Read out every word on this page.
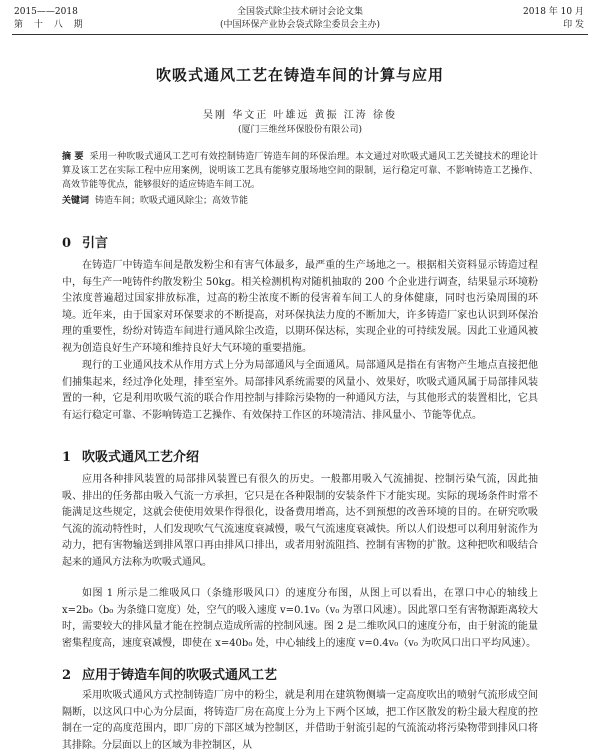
2015——2018
第 十 八 期
全国袋式除尘技术研讨会论文集
(中国环保产业协会袋式除尘委员会主办)
2018 年 10 月
印 发
吹吸式通风工艺在铸造车间的计算与应用
吴刚 华文正 叶雄远 黄振 江涛 徐俊
(厦门三维丝环保股份有限公司)
摘 要 采用一种吹吸式通风工艺可有效控制铸造厂铸造车间的环保治理。本文通过对吹吸式通风工艺关键技术的理论计算及该工艺在实际工程中应用案例，说明该工艺具有能够克服场地空间的限制，运行稳定可靠、不影响铸造工艺操作、高效节能等优点，能够很好的适应铸造车间工况。
关键词 铸造车间；吹吸式通风除尘；高效节能
0 引言

在铸造厂中铸造车间是散发粉尘和有害气体最多，最严重的生产场地之一。根据相关资料显示铸造过程中，每生产一吨铸件约散发粉尘 50kg。相关检测机构对随机抽取的 200 个企业进行调查，结果显示环境粉尘浓度普遍超过国家排放标准，过高的粉尘浓度不断的侵害着车间工人的身体健康，同时也污染周围的环境。近年来，由于国家对环保要求的不断提高，对环保执法力度的不断加大，许多铸造厂家也认识到环保治理的重要性，纷纷对铸造车间进行通风除尘改造，以期环保达标，实现企业的可持续发展。因此工业通风被视为创造良好生产环境和维持良好大气环境的重要措施。

现行的工业通风技术从作用方式上分为局部通风与全面通风。局部通风是指在有害物产生地点直接把他们捕集起来，经过净化处理，排至室外。局部排风系统需要的风量小、效果好，吹吸式通风属于局部排风装置的一种，它是利用吹吸气流的联合作用控制与排除污染物的一种通风方法，与其他形式的装置相比，它具有运行稳定可靠、不影响铸造工艺操作、有效保持工作区的环境清洁、排风量小、节能等优点。

1 吹吸式通风工艺介绍

应用各种排风装置的局部排风装置已有很久的历史。一般都用吸入气流捕捉、控制污染气流，因此抽吸、排出的任务都由吸入气流一方承担，它只是在各种限制的安装条件下才能实现。实际的现场条件时常不能满足这些规定，这就会使使用效果作得很化，设备费用增高，达不到预想的改善环境的目的。在研究吹吸气流的流动特性时，人们发现吹气气流速度衰减慢，吸气气流速度衰减快。所以人们设想可以利用射流作为动力，把有害物输送到排风罩口再由排风口排出，或者用射流阻挡、控制有害物的扩散。这种把吹和吸结合起来的通风方法称为吹吸式通风。

如图 1 所示是二维吸风口（条缝形吸风口）的速度分布图，从图上可以看出，在罩口中心的轴线上 x=2b₀（b₀ 为条缝口宽度）处，空气的吸入速度 v=0.1v₀（v₀ 为罩口风速）。因此罩口至有害物源距离较大时，需要较大的排风量才能在控制点造成所需的控制风速。图 2 是二维吹风口的速度分布，由于射流的能量密集程度高，速度衰减慢，即使在 x=40b₀ 处，中心轴线上的速度 v=0.4v₀（v₀ 为吹风口出口平均风速）。

2 应用于铸造车间的吹吸式通风工艺

采用吹吸式通风方式控制铸造厂房中的粉尘，就是利用在建筑物侧墙一定高度吹出的喷射气流形成空间隔断，以这风口中心为分层面，将铸造厂房在高度上分为上下两个区域，把工作区散发的粉尘最大程度的控制在一定的高度范围内，即厂房的下部区域为控制区，并借助于射流引起的气流流动将污染物带到排风口将其排除。分层面以上的区域为非控制区，从
